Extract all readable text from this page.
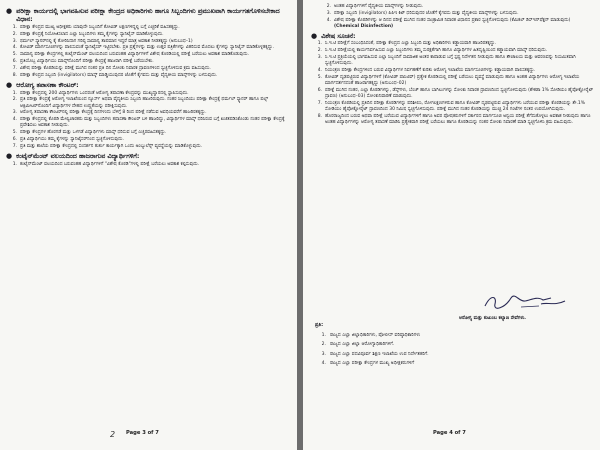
● ಪರೀಕ್ಷಾ ಕಾರ್ಯದಲ್ಲಿ ಭಾಗವಹಿಸುವ ಪರೀಕ್ಷಾ ಕೇಂದ್ರದ ಅಧಿಕಾರಿಗಳು ಹಾಗೂ ಸಿಬ್ಬಂದಿಗಳು ಪ್ರಮುಖವಾಗಿ ಕಾರ್ಯಗತಗೊಳಿಸಬೇಕಾದ ವಿಧಾನ:
1. ಪರೀಕ್ಷಾ ಕೇಂದ್ರದ ಮುಖ್ಯ ಅಧೀಕ್ಷಕರು ಯಾವುದೇ ಸಿಬ್ಬಂದಿಗೆ ಕೋವಿಡ್ ಲಕ್ಷಣಗಳಿದ್ದಲ್ಲಿ ಬಗ್ಗೆ ಎಚ್ಚರಿಕೆ ವಹಿಸತಕ್ಕದ್ದು.
2. ಪರೀಕ್ಷಾ ಕೇಂದ್ರಕ್ಕೆ ನಿಯೋಜಿಸಲಾದ ಎಲ್ಲಾ ಸಿಬ್ಬಂದಿಗಳು ತಮ್ಮ ಕೈಗಳನ್ನು ಸ್ಯಾನಿಟೈಸ್ ಮಾಡಿಕೊಳ್ಳುವುದು.
3. ಥರ್ಮಲ್ ಸ್ಕ್ಯಾನರ್‌ನಲ್ಲಿ ಕೈ ತೋರಿಸಿದಾಗ ಗರಿಷ್ಠ ಸಾಮಾನ್ಯ ತಾಪಮಾನ ಇದ್ದರೆ ಮಾತ್ರ ಅವಕಾಶ ನೀಡತಕ್ಕದ್ದು (ಅನುಬಂಧ–1)
4. ಕೋವಿಡ್ ಮಾರ್ಗಸೂಚಿಗಳನ್ನು ಪಾಲಿಸುವಂತೆ ಸ್ಯಾನಿಟೈಸರ್ ಇಟ್ಟಿರಬೇಕು. ಪ್ರತಿ ಪ್ರಶ್ನೆಗಳನ್ನು ಮತ್ತು ಉತ್ತರ ಪತ್ರಿಕೆಗಳನ್ನು ವಿತರಿಸುವ ಮೊದಲು ಕೈಗಳನ್ನು ಸ್ಯಾನಿಟೈಸ್ ಮಾಡಿಕೊಳ್ಳತಕ್ಕದ್ದು.
5. ಸಾಮಾನ್ಯ ಪರೀಕ್ಷಾ ಕೇಂದ್ರಗಳಲ್ಲಿ ಕಂಟೈನ್‌ಮೆಂಟ್ ವಲಯದಿಂದ ಬರುವಂತಹ ವಿದ್ಯಾರ್ಥಿಗಳಿಗೆ ವಿಶೇಷ ಕೊಠಡಿಯಲ್ಲಿ ಪರೀಕ್ಷೆ ಬರೆಯಲು ಅವಕಾಶ ಮಾಡಿಕೊಡುವುದು.
6. ಪ್ರತಿಯೊಬ್ಬ ವಿದ್ಯಾರ್ಥಿಯು ಮಾಸ್ಕ್‌ನೊಂದಿಗೆ ಪರೀಕ್ಷಾ ಕೇಂದ್ರಕ್ಕೆ ಹಾಜರಾಗಿ ಪರೀಕ್ಷೆ ಬರೆಯಬೇಕು.
7. ವಿಶೇಷ ಪರೀಕ್ಷಾ ಕೊಠಡಿಯನ್ನು ಪರೀಕ್ಷೆ ಮುಗಿದ ನಂತರ ಪ್ರತಿ ದಿನ ಸೋಂಕು ನಿವಾರಕ ದ್ರಾವಣಗಳಿಂದ ಸ್ವಚ್ಛಗೊಳಿಸುವ ಕ್ರಮ ವಹಿಸುವುದು.
8. ಪರೀಕ್ಷಾ ಕೇಂದ್ರದ ಸಿಬ್ಬಂದಿ (invigilators) ಮಾಸ್ಕ್ ಮಾಡ್ಡಿಯುವುದರ ಜೊತೆಗೆ ಕೈಗವಸು ಮತ್ತು ವೈದ್ಯಕೀಯ ಮಾಸ್ಕ್‌ಗಳನ್ನು ಬಳಸುವುದು.
● ಆರೋಗ್ಯ ತಪಾಸಣಾ ಕೌಂಟರ್:
1. ಪರೀಕ್ಷಾ ಕೇಂದ್ರದಲ್ಲಿ 200 ವಿದ್ಯಾರ್ಥಿಗಳು ಒಂದರಂತೆ ಆರೋಗ್ಯ ತಪಾಸಣಾ ಕೇಂದ್ರವನ್ನು ಮುಖ್ಯದ್ವಾರದಲ್ಲಿ ಸ್ಥಾಪಿಸುವುದು.
2. ಪ್ರತಿ ಪರೀಕ್ಷಾ ಕೇಂದ್ರಕ್ಕೆ ಆರೋಗ್ಯ ಇಲಾಖೆಯಿಂದ ನ್ಯೂರ್ಸ್ ಅಥವಾ ವೈದ್ಯಕೀಯ ಸಿಬ್ಬಂದಿ ಹಾಜರಿರುವುದು. ನಂತರ ಸಿಬ್ಬಂದಿಯು ಪರೀಕ್ಷಾ ಕೇಂದ್ರಕ್ಕೆ ಥರ್ಮಲ್ ಸ್ಕ್ಯಾನರ್ ಹಾಗೂ ಪಲ್ಸ್ ಆಕ್ಸಿಮೀಟರ್‌ನೊಂದಿಗೆ ವಿದ್ಯಾರ್ಥಿಗಳ ದೇಹದ ಉಷ್ಣತೆಯನ್ನು ಪರೀಕ್ಷಿಸುವುದು.
3. ಆರೋಗ್ಯ ತಪಾಸಣಾ ಕೌಂಟರ್‌ನಲ್ಲಿ ಪರೀಕ್ಷಾ ಕೇಂದ್ರಕ್ಕೆ ದಿನಗಳಂದು ಬೆಳಿಗ್ಗೆ 8 ರಿಂದ ಪರೀಕ್ಷೆ ನಡೆಸುವ ಅವಧಿಯವರೆಗೆ ಹಾಜರಿರತಕ್ಕದ್ದು.
4. ಪರೀಕ್ಷಾ ಕೇಂದ್ರದಲ್ಲಿ ಕೊಠಡಿ ಮೇಲ್ವಿಚಾರಕರು ಮತ್ತು ಸಿಬ್ಬಂದಿಗಳು ತಪಾಸಣಾ ಕೌಂಟರ್ ಬಳಿ ಹಾಜರಿದ್ದು, ವಿದ್ಯಾರ್ಥಿಗಳ ಮಾಸ್ಕ್ ಧರಿಸಿರುವ ಬಗ್ಗೆ ಖಚಿತಪಡಿಸಿಕೊಂಡು ನಂತರ ಪರೀಕ್ಷಾ ಕೇಂದ್ರಕ್ಕೆ ಪ್ರವೇಶಿಸಲು ಅವಕಾಶ ನೀಡುವುದು.
5. ಪರೀಕ್ಷಾ ಕೇಂದ್ರಗಳ ಹೊರಗಡೆ ಮತ್ತು ಒಳಗಡೆ ವಿದ್ಯಾರ್ಥಿಗಳು ಮಾಸ್ಕ್ ಧರಿಸುವ ಬಗ್ಗೆ ಎಚ್ಚರವಹಿಸತಕ್ಕದ್ದು.
6. ಪ್ರತಿ ವಿದ್ಯಾರ್ಥಿಯು ತಮ್ಮ ಕೈಗಳನ್ನು ಸ್ಯಾನಿಟೈಸರ್‌ನಿಂದ ಸ್ವಚ್ಛಗೊಳಿಸುವುದು.
7. ಪ್ರತಿ ಮತ್ತು ಶಾಲೆಯ ಪರೀಕ್ಷಾ ಕೇಂದ್ರದಲ್ಲಿ ಸಂದರ್ಶನ ತುರ್ತು ಕಾರ್ಯಕ್ಕಾಗಿ ಒಂದು ಅಂಬ್ಯುಲೆನ್ಸ್ ವ್ಯವಸ್ಥೆಯನ್ನು ಮಾಡಿಕೊಳ್ಳುವುದು.
● ಕಂಟೈನ್‌ಮೆಂಟ್ ವಲಯದಿಂದ ಹಾಜರಾಗುವ ವಿದ್ಯಾರ್ಥಿಗಳಿಗೆ:
1. ಕಂಟೈನ್‌ಮೆಂಟ್ ವಲಯದಿಂದ ಬರುವಂತಹ ವಿದ್ಯಾರ್ಥಿಗಳಿಗೆ "ವಿಶೇಷ ಕೊಠಡಿ"ಗಳಲ್ಲಿ ಪರೀಕ್ಷೆ ಬರೆಯಲು ಅವಕಾಶ ಕಲ್ಪಿಸುವುದು.
2 Page 3 of 7
2. ಅಂತಹ ವಿದ್ಯಾರ್ಥಿಗಳಿಗೆ ವೈದ್ಯಕೀಯ ಮಾಸ್ಕ್‌ಗಳನ್ನು ನೀಡುವುದು.
3. ಪರೀಕ್ಷಾ ಸಿಬ್ಬಂದಿ (invigilators) ಪಿಪಿಇ ಕಿಟ್ ಧರಿಸುವುದರ ಜೊತೆಗೆ ಕೈಗವಸು ಮತ್ತು ವೈದ್ಯಕೀಯ ಮಾಸ್ಕ್‌ಗಳನ್ನು ಬಳಸುವುದು.
4. ವಿಶೇಷ ಪರೀಕ್ಷಾ ಕೊಠಡಿಗಳನ್ನು ಆ ದಿನದ ಪರೀಕ್ಷೆ ಮುಗಿದ ನಂತರ ಸಾಂಕ್ರಾಮಿಕ ನಿವಾರಕ ವಿಧಾನದ ಪ್ರಕಾರ ಸ್ವಚ್ಛಗೊಳಿಸುವುದು (ಕೆಮಿಕಲ್ ಡಿಸ್‌ಇನ್‌ಫೆಕ್ಷನ್ ಮಾಡುವುದು) (Chemical Disinfection)
● ವಿಶೇಷ ಸೂಚನೆ:
1. ಸಿ.ಇ.ಟಿ ಪರೀಕ್ಷೆಗೆ ಸಂಬಂಧಿಸಿದಂತೆ, ಪರೀಕ್ಷಾ ಕೇಂದ್ರದ ಎಲ್ಲಾ ಸಿಬ್ಬಂದಿ ಮತ್ತು ಅಧಿಕಾರಿಗಳು ಕಡ್ಡಾಯವಾಗಿ ಹಾಜರಿರತಕ್ಕದ್ದು.
2. ಸಿ.ಇ.ಟಿ ಪರೀಕ್ಷೆಯಲ್ಲಿ ಕಾರ್ಯನಿರ್ವಹಿಸುವ ಎಲ್ಲಾ ಸಿಬ್ಬಂದಿಗಳು ತಮ್ಮ ಸುರಕ್ಷತೆಗಾಗಿ ಹಾಗೂ ವಿದ್ಯಾರ್ಥಿಗಳ ಹಿತದೃಷ್ಟಿಯಿಂದ ಕಡ್ಡಾಯವಾಗಿ ಮಾಸ್ಕ್ ಧರಿಸುವುದು.
3. ಸಿ.ಇ.ಟಿ ಪ್ರಕ್ರಿಯೆಯಲ್ಲಿ ಭಾಗವಹಿಸುವ ಎಲ್ಲಾ ಸಿಬ್ಬಂದಿಗೆ ಸಾಮಾಜಿಕ ಅಂತರ ಕಾಪಾಡುವ ಬಗ್ಗೆ ಸ್ಪಷ್ಟ ನಿರ್ದೇಶನ ನೀಡುವುದು ಹಾಗೂ ಶೌಚಾಲಯ ಮತ್ತು ಆವರಣವನ್ನು ನಿಯಮಿತವಾಗಿ ಸ್ವಚ್ಛಗೊಳಿಸುವುದು.
4. ನಿಯಂತ್ರಣ ಪರೀಕ್ಷಾ ಕೇಂದ್ರಗಳಿಂದ ಬರುವ ವಿದ್ಯಾರ್ಥಿಗಳ ನಿರ್ವಹಣೆಗೆ ಕುರಿತು ಆರೋಗ್ಯ ಇಲಾಖೆಯ ಮಾರ್ಗಸೂಚಿಗಳನ್ನು ಕಡ್ಡಾಯವಾಗಿ ಪಾಲಿಸತಕ್ಕದ್ದು.
5. ಕೋವಿಡ್ ದೃಢಪಟ್ಟಿರುವ ವಿದ್ಯಾರ್ಥಿಗಳಿಗೆ (ಕೋವಿಡ್ ಪಾಸಿಟಿವ್) ಪ್ರತ್ಯೇಕ ಕೊಠಡಿಯಲ್ಲಿ ಪರೀಕ್ಷೆ ಬರೆಯಲು ವ್ಯವಸ್ಥೆ ಮಾಡುವುದು ಹಾಗೂ ಅಂತಹ ವಿದ್ಯಾರ್ಥಿಗಳು ಆರೋಗ್ಯ ಇಲಾಖೆಯ ಮಾರ್ಗದರ್ಶನದಂತೆ ಹಾಜರಾಗತಕ್ಕದ್ದು (ಅನುಬಂಧ–02)
6. ಪರೀಕ್ಷೆ ಮುಗಿದ ನಂತರ, ಎಲ್ಲಾ ಕೊಠಡಿಗಳನ್ನು, ಡೆಸ್ಕ್‌ಗಳು, ಬೆಂಚ್ ಹಾಗೂ ಬಾಗಿಲುಗಳನ್ನು ಸೋಂಕು ನಿವಾರಕ ದ್ರಾವಣದಿಂದ ಸ್ವಚ್ಛಗೊಳಿಸುವುದು (ಶೇಕಡಾ 1% ಸೋಡಿಯಂ ಹೈಪೋಕ್ಲೋರೈಟ್ ದ್ರಾವಣ) (ಅನುಬಂಧ–03) ಸೋಂಕುನಿವಾರಣೆ ಮಾಡುವುದು.
7. ನಿಯಂತ್ರಣ ಕೊಠಡಿಯಲ್ಲಿ ಪ್ರತಿದಿನ ಪರೀಕ್ಷಾ ಕೊಠಡಿಗಳನ್ನು ಪರಿಶೀಲಿಸಿ, ರೋಗಲಕ್ಷಣಗಳಿರುವ ಹಾಗೂ ಕೋವಿಡ್ ದೃಢಪಟ್ಟಿರುವ ವಿದ್ಯಾರ್ಥಿಗಳು ಬರೆಯುವ ಪರೀಕ್ಷಾ ಕೊಠಡಿಯನ್ನು ಶೇ.1% ಸೋಡಿಯಂ ಹೈಪೋಕ್ಲೋರೈಟ್ ದ್ರಾವಣದಿಂದ 30 ನಿಮಿಷ ಸ್ವಚ್ಛಗೊಳಿಸುವುದು. ಪರೀಕ್ಷೆ ಮುಗಿದ ನಂತರ ಕೊಠಡಿಯನ್ನು ಮುಚ್ಚಿ 24 ಗಂಟೆಗಳ ನಂತರ ಉಪಯೋಗಿಸುವುದು.
8. ಹೊರರಾಜ್ಯದಿಂದ ಬರುವ ಅಥವಾ ಪರೀಕ್ಷೆ ಬರೆಯುವ ವಿದ್ಯಾರ್ಥಿಗಳಿಗೆ ಹಾಗೂ ಅವರ ಪೋಷಕರುಗಳಿಗೆ ಸರ್ಕಾರದ ಮಾರ್ಗಸೂಚಿ ಅನ್ವಯ ಪರೀಕ್ಷೆ ತೆಗೆದುಕೊಳ್ಳಲು ಅವಕಾಶ ನೀಡುವುದು ಹಾಗೂ ಅಂತಹ ವಿದ್ಯಾರ್ಥಿಗಳನ್ನು ಆರೋಗ್ಯ ತಪಾಸಣೆ ಮಾಡಿಸಿ ಪ್ರತ್ಯೇಕವಾಗಿ ಪರೀಕ್ಷೆ ಬರೆಯಲು ಹಾಗೂ ಕೊಠಡಿಯನ್ನು ನಂತರ ಸೋಂಕು ನಿವಾರಣೆ ಮಾಡಿ ಸ್ವಚ್ಛಗೊಳಿಸಿ ಕ್ರಮ ವಹಿಸುವುದು.
ಆರೋಗ್ಯ ಮತ್ತು ಕುಟುಂಬ ಕಲ್ಯಾಣ ಸೇವೆಗಳು.
ಪ್ರತಿ:
1. ರಾಜ್ಯದ ಎಲ್ಲಾ ಜಿಲ್ಲಾಧಿಕಾರಿಗಳು, ಪೋಲೀಸ್ ವರಿಷ್ಠಾಧಿಕಾರಿಗಳು
2. ರಾಜ್ಯದ ಎಲ್ಲಾ ಜಿಲ್ಲಾ ಆರೋಗ್ಯಾಧಿಕಾರಿಗಳಿಗೆ.
3. ರಾಜ್ಯದ ಎಲ್ಲಾ ಪದವಿಪೂರ್ವ ಶಿಕ್ಷಣ ಇಲಾಖೆಯ ಉಪ ನಿರ್ದೇಶಕರಿಗೆ.
4. ರಾಜ್ಯದ ಎಲ್ಲಾ ಪರೀಕ್ಷಾ ಕೇಂದ್ರಗಳ ಮುಖ್ಯ ಅಧೀಕ್ಷಕರುಗಳಿಗೆ
Page 4 of 7
